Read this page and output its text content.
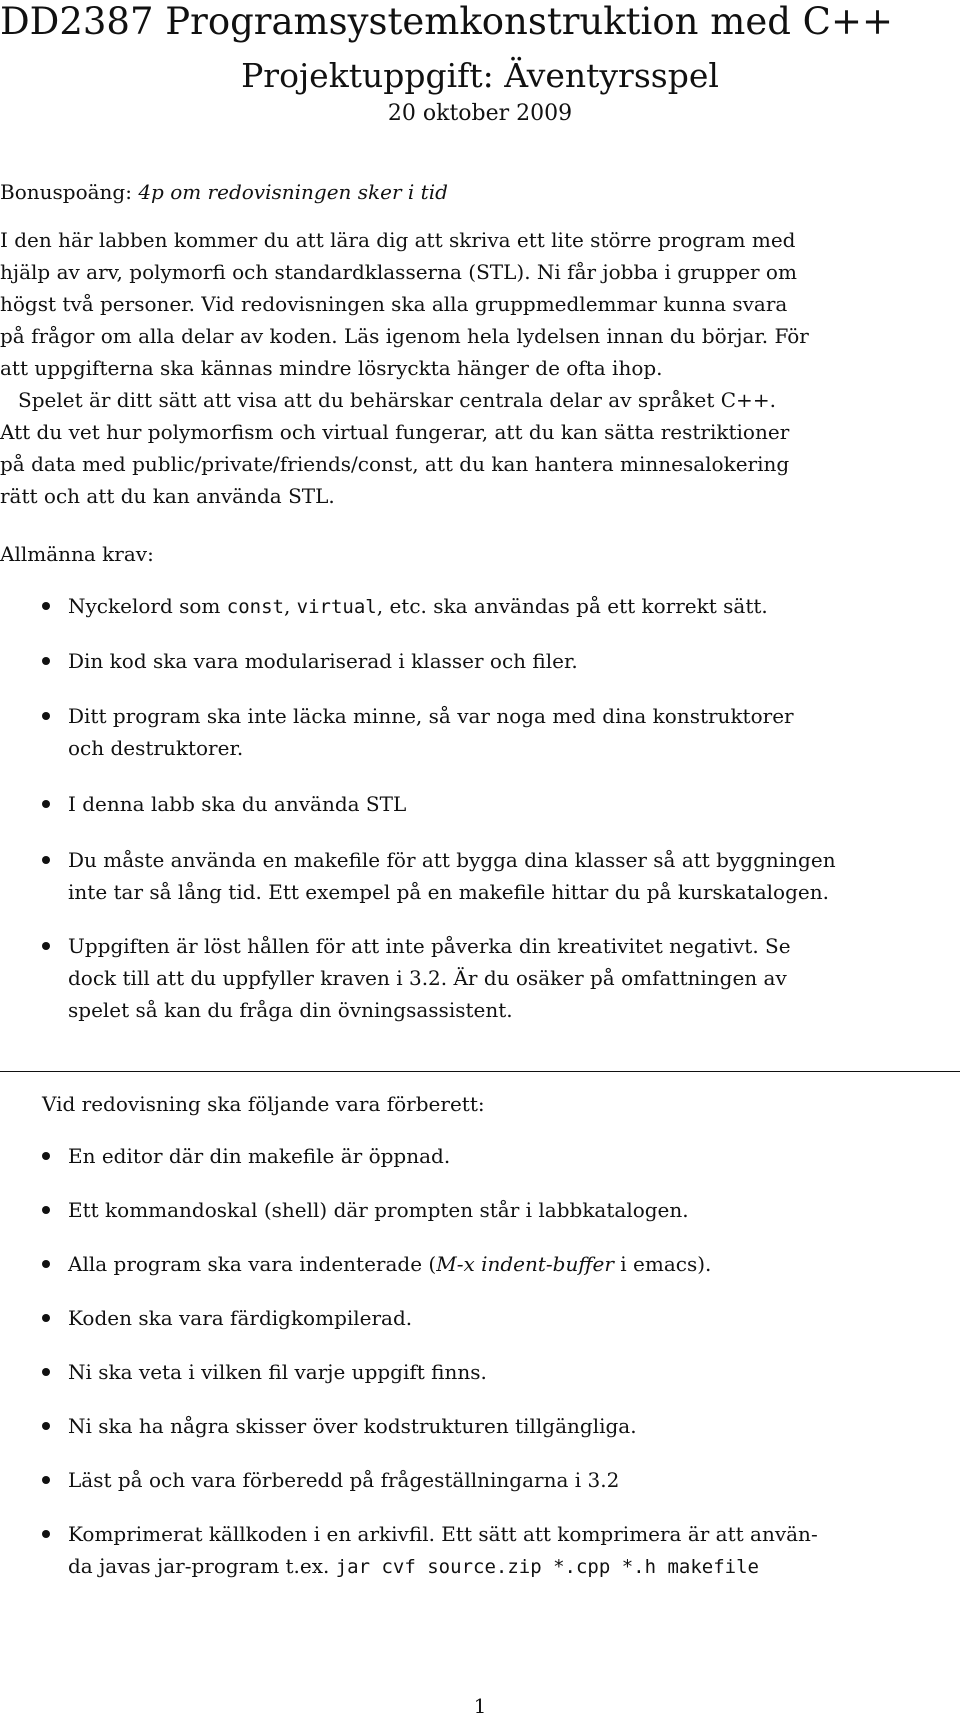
DD2387 Programsystemkonstruktion med C++
Projektuppgift: Äventyrsspel
20 oktober 2009
Bonuspoäng: 4p om redovisningen sker i tid
I den här labben kommer du att lära dig att skriva ett lite större program med
hjälp av arv, polymorfi och standardklasserna (STL). Ni får jobba i grupper om
högst två personer. Vid redovisningen ska alla gruppmedlemmar kunna svara
på frågor om alla delar av koden. Läs igenom hela lydelsen innan du börjar. För
att uppgifterna ska kännas mindre lösryckta hänger de ofta ihop.
Spelet är ditt sätt att visa att du behärskar centrala delar av språket C++.
Att du vet hur polymorfism och virtual fungerar, att du kan sätta restriktioner
på data med public/private/friends/const, att du kan hantera minnesalokering
rätt och att du kan använda STL.
Allmänna krav:
Nyckelord som const, virtual, etc. ska användas på ett korrekt sätt.
Din kod ska vara modulariserad i klasser och filer.
Ditt program ska inte läcka minne, så var noga med dina konstruktorer
och destruktorer.
I denna labb ska du använda STL
Du måste använda en makefile för att bygga dina klasser så att byggningen
inte tar så lång tid. Ett exempel på en makefile hittar du på kurskatalogen.
Uppgiften är löst hållen för att inte påverka din kreativitet negativt. Se
dock till att du uppfyller kraven i 3.2. Är du osäker på omfattningen av
spelet så kan du fråga din övningsassistent.
Vid redovisning ska följande vara förberett:
En editor där din makefile är öppnad.
Ett kommandoskal (shell) där prompten står i labbkatalogen.
Alla program ska vara indenterade (M-x indent-buffer i emacs).
Koden ska vara färdigkompilerad.
Ni ska veta i vilken fil varje uppgift finns.
Ni ska ha några skisser över kodstrukturen tillgängliga.
Läst på och vara förberedd på frågeställningarna i 3.2
Komprimerat källkoden i en arkivfil. Ett sätt att komprimera är att använ-
da javas jar-program t.ex. jar cvf source.zip *.cpp *.h makefile
1
